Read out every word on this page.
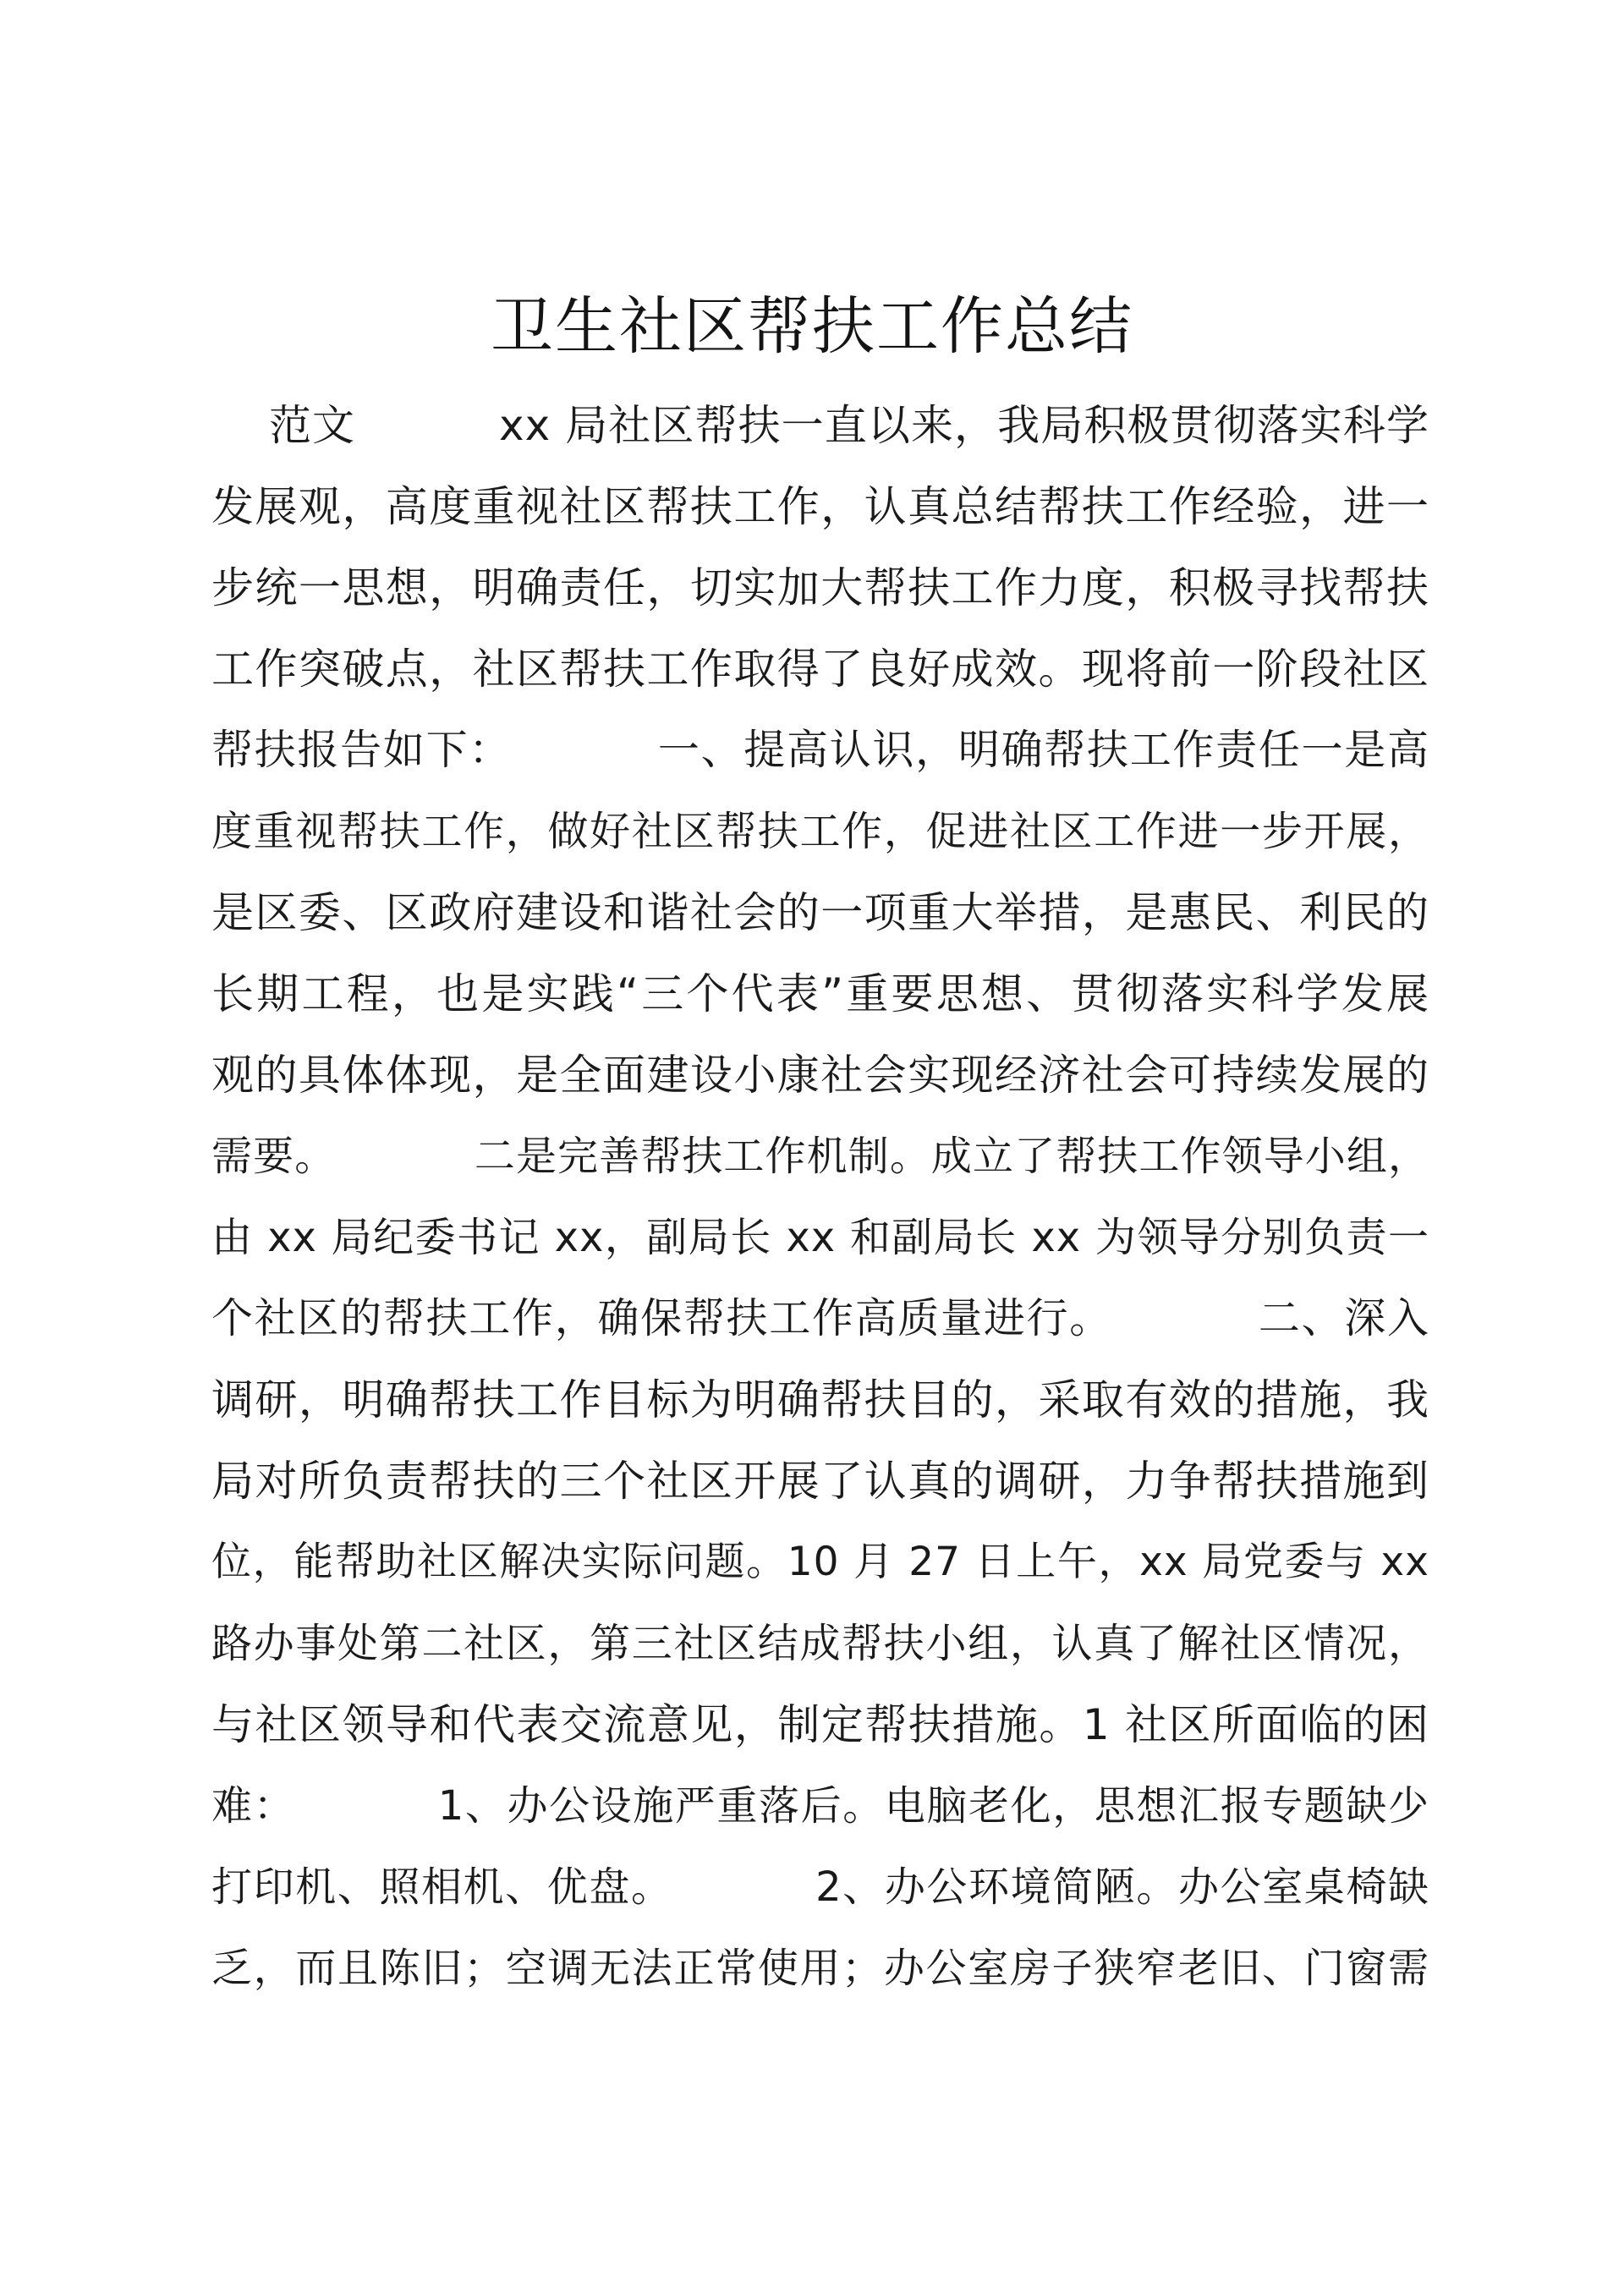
卫生社区帮扶工作总结
范文          xx 局社区帮扶一直以来，我局积极贯彻落实科学
发展观，高度重视社区帮扶工作，认真总结帮扶工作经验，进一
步统一思想，明确责任，切实加大帮扶工作力度，积极寻找帮扶
工作突破点，社区帮扶工作取得了良好成效。现将前一阶段社区
帮扶报告如下：          一、提高认识，明确帮扶工作责任一是高
度重视帮扶工作，做好社区帮扶工作，促进社区工作进一步开展，
是区委、区政府建设和谐社会的一项重大举措，是惠民、利民的
长期工程，也是实践“三个代表”重要思想、贯彻落实科学发展
观的具体体现，是全面建设小康社会实现经济社会可持续发展的
需要。          二是完善帮扶工作机制。成立了帮扶工作领导小组，
由 xx 局纪委书记 xx，副局长 xx 和副局长 xx 为领导分别负责一
个社区的帮扶工作，确保帮扶工作高质量进行。          二、深入
调研，明确帮扶工作目标为明确帮扶目的，采取有效的措施，我
局对所负责帮扶的三个社区开展了认真的调研，力争帮扶措施到
位，能帮助社区解决实际问题。10 月 27 日上午，xx 局党委与 xx
路办事处第二社区，第三社区结成帮扶小组，认真了解社区情况，
与社区领导和代表交流意见，制定帮扶措施。1 社区所面临的困
难：          1、办公设施严重落后。电脑老化，思想汇报专题缺少
打印机、照相机、优盘。          2、办公环境简陋。办公室桌椅缺
乏，而且陈旧；空调无法正常使用；办公室房子狭窄老旧、门窗需
